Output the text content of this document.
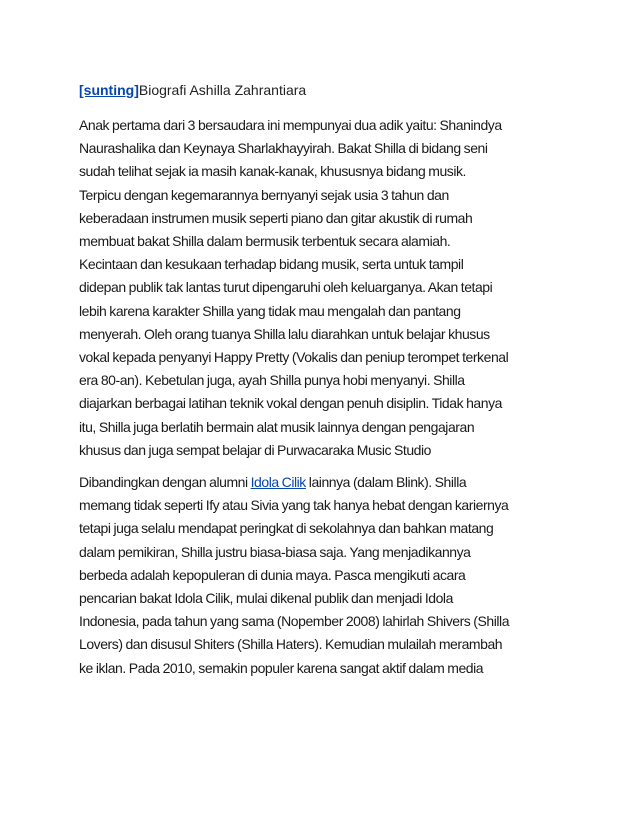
[sunting]Biografi Ashilla Zahrantiara

Anak pertama dari 3 bersaudara ini mempunyai dua adik yaitu: Shanindya
Naurashalika dan Keynaya Sharlakhayyirah. Bakat Shilla di bidang seni
sudah telihat sejak ia masih kanak-kanak, khususnya bidang musik.
Terpicu dengan kegemarannya bernyanyi sejak usia 3 tahun dan
keberadaan instrumen musik seperti piano dan gitar akustik di rumah
membuat bakat Shilla dalam bermusik terbentuk secara alamiah.
Kecintaan dan kesukaan terhadap bidang musik, serta untuk tampil
didepan publik tak lantas turut dipengaruhi oleh keluarganya. Akan tetapi
lebih karena karakter Shilla yang tidak mau mengalah dan pantang
menyerah. Oleh orang tuanya Shilla lalu diarahkan untuk belajar khusus
vokal kepada penyanyi Happy Pretty (Vokalis dan peniup terompet terkenal
era 80-an). Kebetulan juga, ayah Shilla punya hobi menyanyi. Shilla
diajarkan berbagai latihan teknik vokal dengan penuh disiplin. Tidak hanya
itu, Shilla juga berlatih bermain alat musik lainnya dengan pengajaran
khusus dan juga sempat belajar di Purwacaraka Music Studio

Dibandingkan dengan alumni Idola Cilik lainnya (dalam Blink). Shilla
memang tidak seperti Ify atau Sivia yang tak hanya hebat dengan kariernya
tetapi juga selalu mendapat peringkat di sekolahnya dan bahkan matang
dalam pemikiran, Shilla justru biasa-biasa saja. Yang menjadikannya
berbeda adalah kepopuleran di dunia maya. Pasca mengikuti acara
pencarian bakat Idola Cilik, mulai dikenal publik dan menjadi Idola
Indonesia, pada tahun yang sama (Nopember 2008) lahirlah Shivers (Shilla
Lovers) dan disusul Shiters (Shilla Haters). Kemudian mulailah merambah
ke iklan. Pada 2010, semakin populer karena sangat aktif dalam media
